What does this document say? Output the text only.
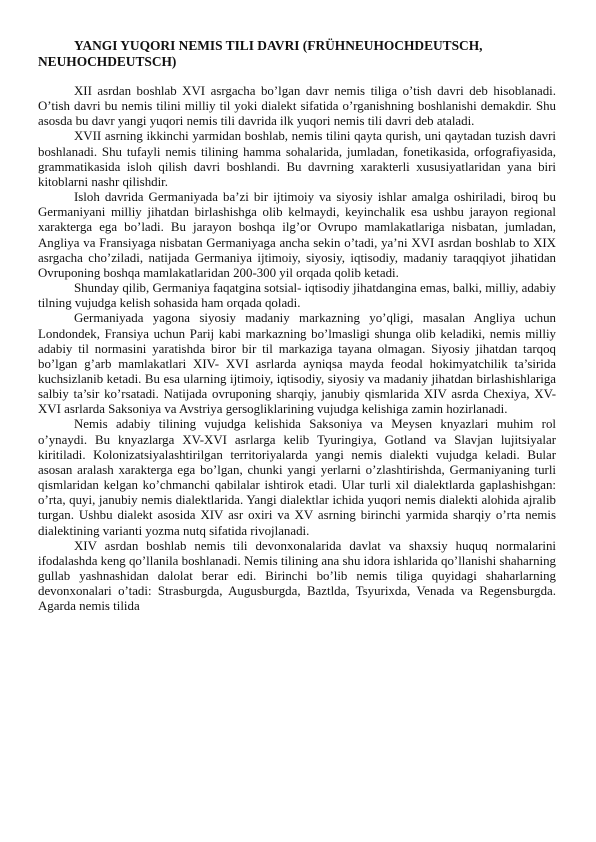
YANGI YUQORI NEMIS TILI DAVRI (FRÜHNEUHOCHDEUTSCH, NEUHOCHDEUTSCH)

XII asrdan boshlab XVI asrgacha bo’lgan davr nemis tiliga o’tish davri deb hisoblanadi. O’tish davri bu nemis tilini milliy til yoki dialekt sifatida o’rganishning boshlanishi demakdir. Shu asosda bu davr yangi yuqori nemis tili davrida ilk yuqori nemis tili davri deb ataladi.

XVII asrning ikkinchi yarmidan boshlab, nemis tilini qayta qurish, uni qaytadan tuzish davri boshlanadi. Shu tufayli nemis tilining hamma sohalarida, jumladan, fonetikasida, orfografiyasida, grammatikasida isloh qilish davri boshlandi. Bu davrning xarakterli xususiyatlaridan yana biri kitoblarni nashr qilishdir.

Isloh davrida Germaniyada ba’zi bir ijtimoiy va siyosiy ishlar amalga oshiriladi, biroq bu Germaniyani milliy jihatdan birlashishga olib kelmaydi, keyinchalik esa ushbu jarayon regional xarakterga ega bo’ladi. Bu jarayon boshqa ilg’or Ovrupo mamlakatlariga nisbatan, jumladan, Angliya va Fransiyaga nisbatan Germaniyaga ancha sekin o’tadi, ya’ni XVI asrdan boshlab to XIX asrgacha cho’ziladi, natijada Germaniya ijtimoiy, siyosiy, iqtisodiy, madaniy taraqqiyot jihatidan Ovruponing boshqa mamlakatlaridan 200-300 yil orqada qolib ketadi.

Shunday qilib, Germaniya faqatgina sotsial- iqtisodiy jihatdangina emas, balki, milliy, adabiy tilning vujudga kelish sohasida ham orqada qoladi.

Germaniyada yagona siyosiy madaniy markazning yo’qligi, masalan Angliya uchun Londondek, Fransiya uchun Parij kabi markazning bo’lmasligi shunga olib keladiki, nemis milliy adabiy til normasini yaratishda biror bir til markaziga tayana olmagan. Siyosiy jihatdan tarqoq bo’lgan g’arb mamlakatlari XIV- XVI asrlarda ayniqsa mayda feodal hokimyatchilik ta’sirida kuchsizlanib ketadi. Bu esa ularning ijtimoiy, iqtisodiy, siyosiy va madaniy jihatdan birlashishlariga salbiy ta’sir ko’rsatadi. Natijada ovruponing sharqiy, janubiy qismlarida XIV asrda Chexiya, XV-XVI asrlarda Saksoniya va Avstriya gersogliklarining vujudga kelishiga zamin hozirlanadi.

Nemis adabiy tilining vujudga kelishida Saksoniya va Meysen knyazlari muhim rol o’ynaydi. Bu knyazlarga XV-XVI asrlarga kelib Tyuringiya, Gotland va Slavjan lujitsiyalar kiritiladi. Kolonizatsiyalashtirilgan territoriyalarda yangi nemis dialekti vujudga keladi. Bular asosan aralash xarakterga ega bo’lgan, chunki yangi yerlarni o’zlashtirishda, Germaniyaning turli qismlaridan kelgan ko’chmanchi qabilalar ishtirok etadi. Ular turli xil dialektlarda gaplashishgan: o’rta, quyi, janubiy nemis dialektlarida. Yangi dialektlar ichida yuqori nemis dialekti alohida ajralib turgan. Ushbu dialekt asosida XIV asr oxiri va XV asrning birinchi yarmida sharqiy o’rta nemis dialektining varianti yozma nutq sifatida rivojlanadi.

XIV asrdan boshlab nemis tili devonxonalarida davlat va shaxsiy huquq normalarini ifodalashda keng qo’llanila boshlanadi. Nemis tilining ana shu idora ishlarida qo’llanishi shaharning gullab yashnashidan dalolat berar edi. Birinchi bo’lib nemis tiliga quyidagi shaharlarning devonxonalari o’tadi: Strasburgda, Augusburgda, Baztlda, Tsyurixda, Venada va Regensburgda. Agarda nemis tilida
